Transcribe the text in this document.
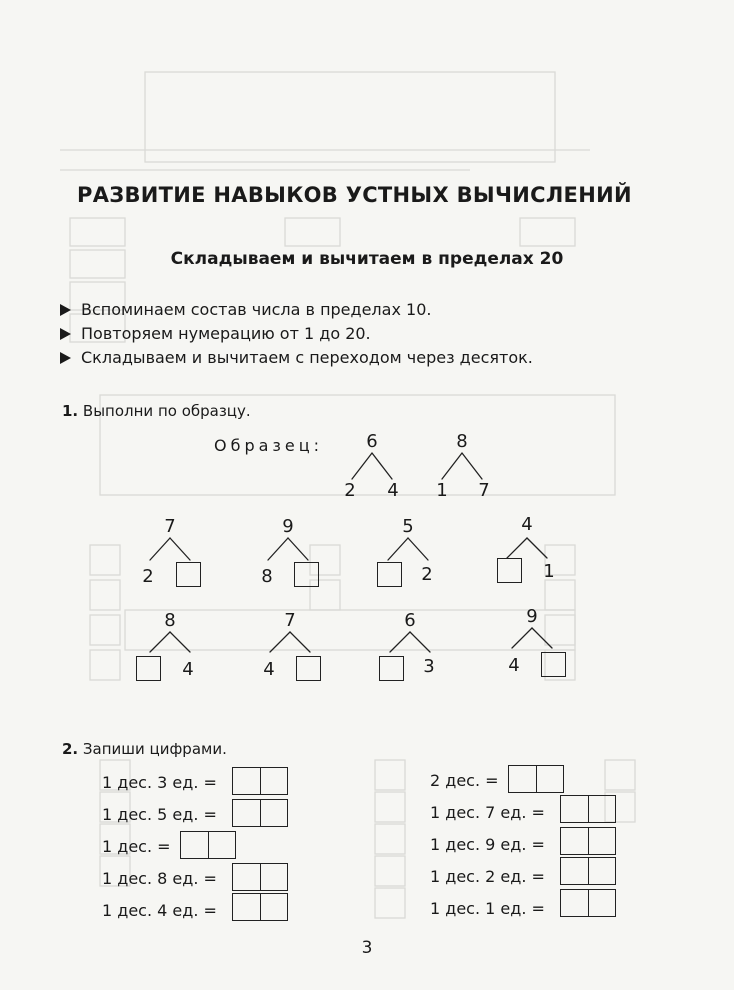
РАЗВИТИЕ НАВЫКОВ УСТНЫХ ВЫЧИСЛЕНИЙ
Складываем и вычитаем в пределах 20
Вспоминаем состав числа в пределах 10.
Повторяем нумерацию от 1 до 20.
Складываем и вычитаем с переходом через десяток.
1. Выполни по образцу.
Образец: 6
2 4
8
1 7
7
2
9
8
5
2
4
1
8
4
7
4
6
3
9
4
2. Запиши цифрами.
1 дес. 3 ед. =
1 дес. 5 ед. =
1 дес. =
1 дес. 8 ед. =
1 дес. 4 ед. =
2 дес. =
1 дес. 7 ед. =
1 дес. 9 ед. =
1 дес. 2 ед. =
1 дес. 1 ед. =
3
